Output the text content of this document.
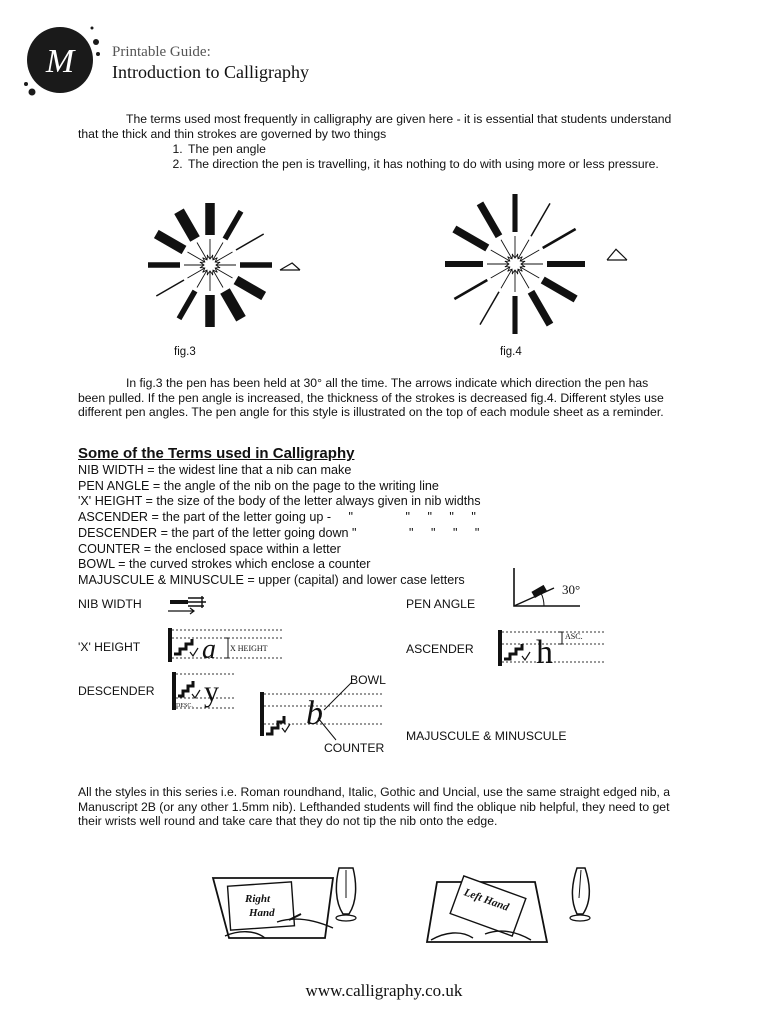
M	Printable Guide:
Introduction to Calligraphy

The terms used most frequently in calligraphy are given here - it is essential that students understand that the thick and thin strokes are governed by two things

1. The pen angle
2. The direction the pen is travelling, it has nothing to do with using more or less pressure.
fig.3	fig.4

In fig.3 the pen has been held at 30° all the time. The arrows indicate which direction the pen has been pulled. If the pen angle is increased, the thickness of the strokes is decreased fig.4. Different styles use different pen angles. The pen angle for this style is illustrated on the top of each module sheet as a reminder.

Some of the Terms used in Calligraphy
NIB WIDTH = the widest line that a nib can make
PEN ANGLE = the angle of the nib on the page to the writing line
'X' HEIGHT = the size of the body of the letter always given in nib widths
ASCENDER = the part of the letter going up -     "               "     "     "     "
DESCENDER = the part of the letter going down "               "     "     "     "
COUNTER = the enclosed space within a letter
BOWL = the curved strokes which enclose a counter
MAJUSCULE & MINUSCULE = upper (capital) and lower case letters
NIB WIDTH	PEN ANGLE
'X' HEIGHT	ASCENDER
DESCENDER
MAJUSCULE & MINUSCULE
BOWL
COUNTER
30°
a X HEIGHT	h ASC.
y
DESC.	b

All the styles in this series i.e. Roman roundhand, Italic, Gothic and Uncial, use the same straight edged nib, a Manuscript 2B (or any other 1.5mm nib). Lefthanded students will find the oblique nib helpful, they need to get their wrists well round and take care that they do not tip the nib onto the edge.

Right
Hand	Left Hand
www.calligraphy.co.uk
